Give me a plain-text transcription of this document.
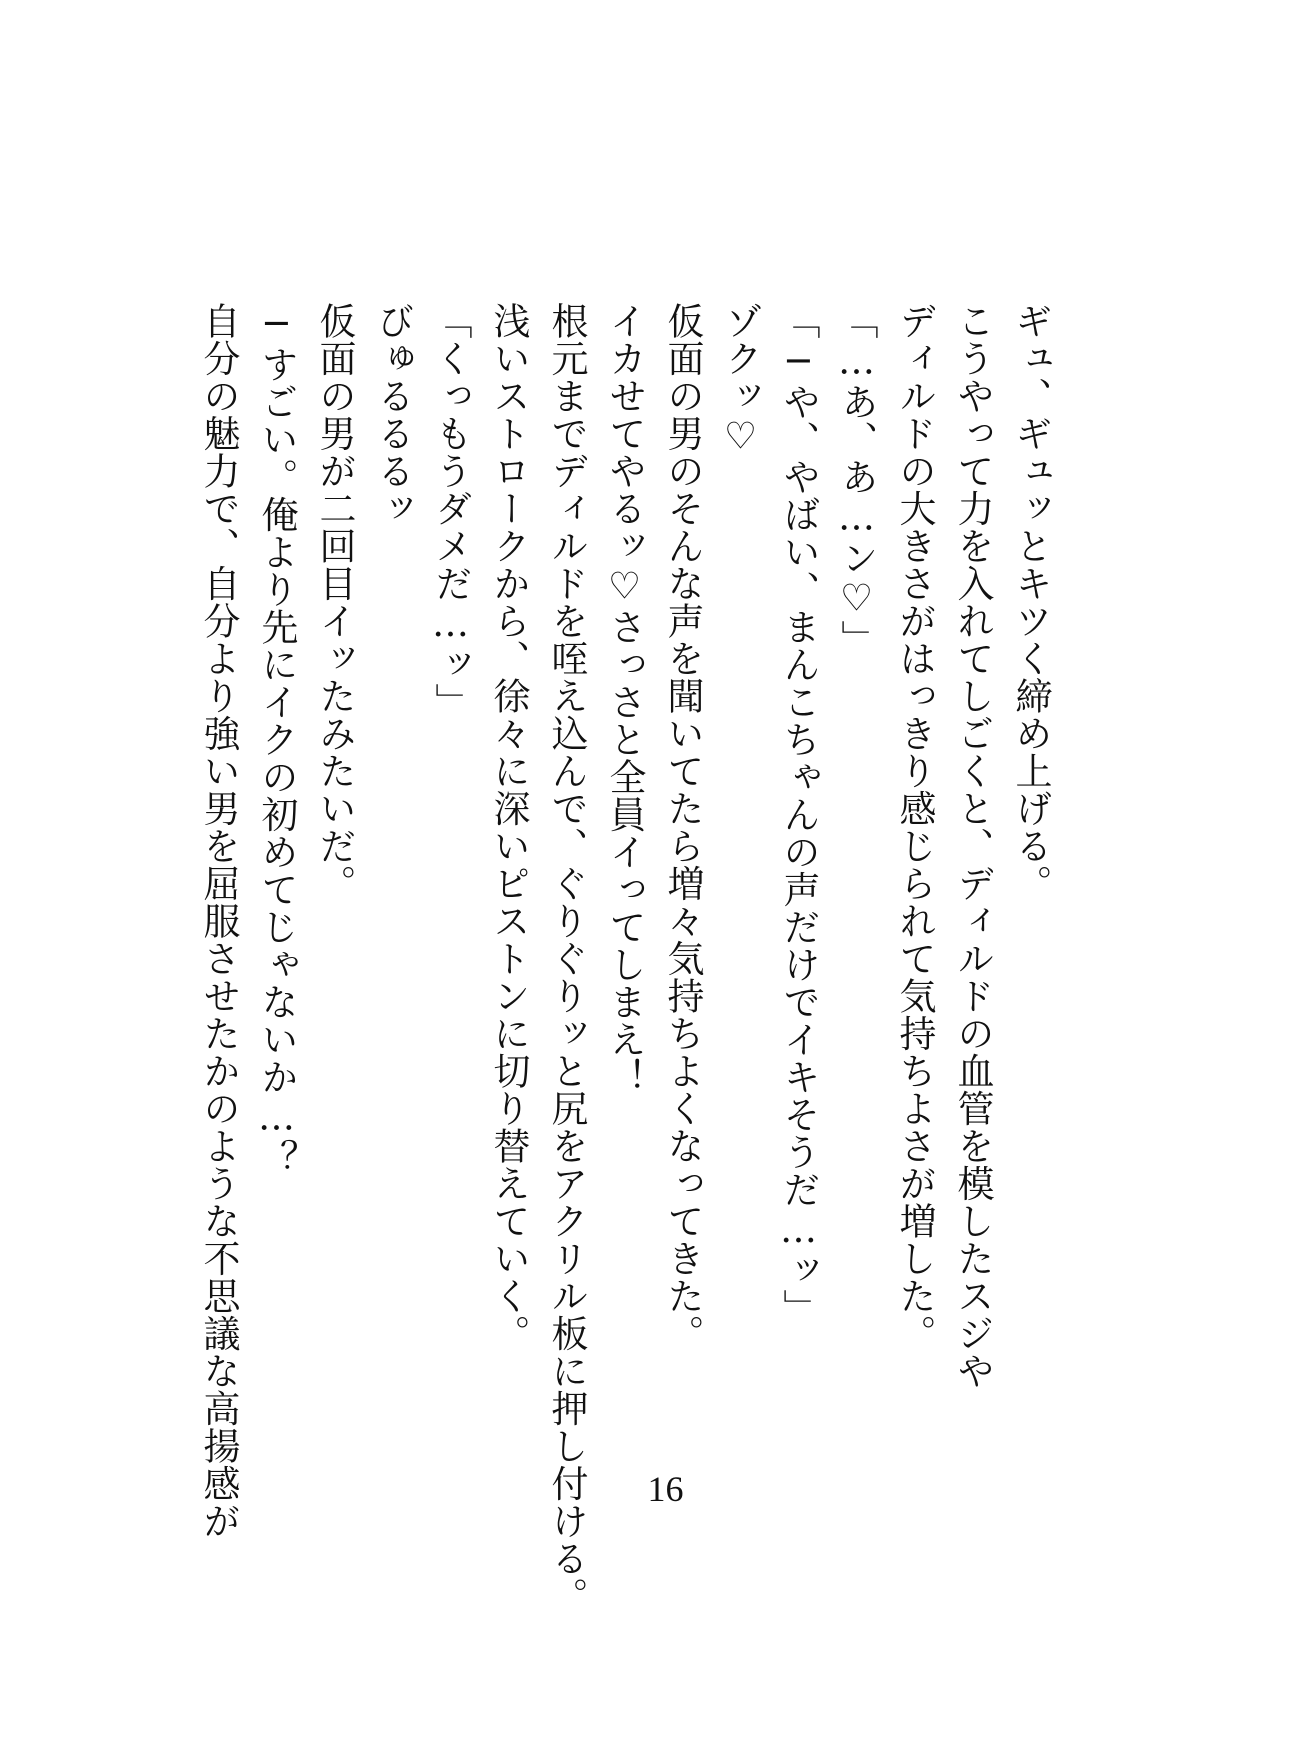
ギュ、ギュッとキツく締め上げる。
こうやって力を入れてしごくと、ディルドの血管を模したスジや
ディルドの大きさがはっきり感じられて気持ちよさが増した。
「…あ、あ…ン♡」
「─や、やばい、まんこちゃんの声だけでイキそうだ…ッ」
ゾクッ♡
仮面の男のそんな声を聞いてたら増々気持ちよくなってきた。
イカせてやるッ♡さっさと全員イってしまえ！
根元までディルドを咥え込んで、ぐりぐりッと尻をアクリル板に押し付ける。
浅いストロークから、徐々に深いピストンに切り替えていく。
「くっもうダメだ…ッ」
びゅるるるッ
仮面の男が二回目イッたみたいだ。
─すごい。俺より先にイクの初めてじゃないか…？
自分の魅力で、自分より強い男を屈服させたかのような不思議な高揚感が	16
